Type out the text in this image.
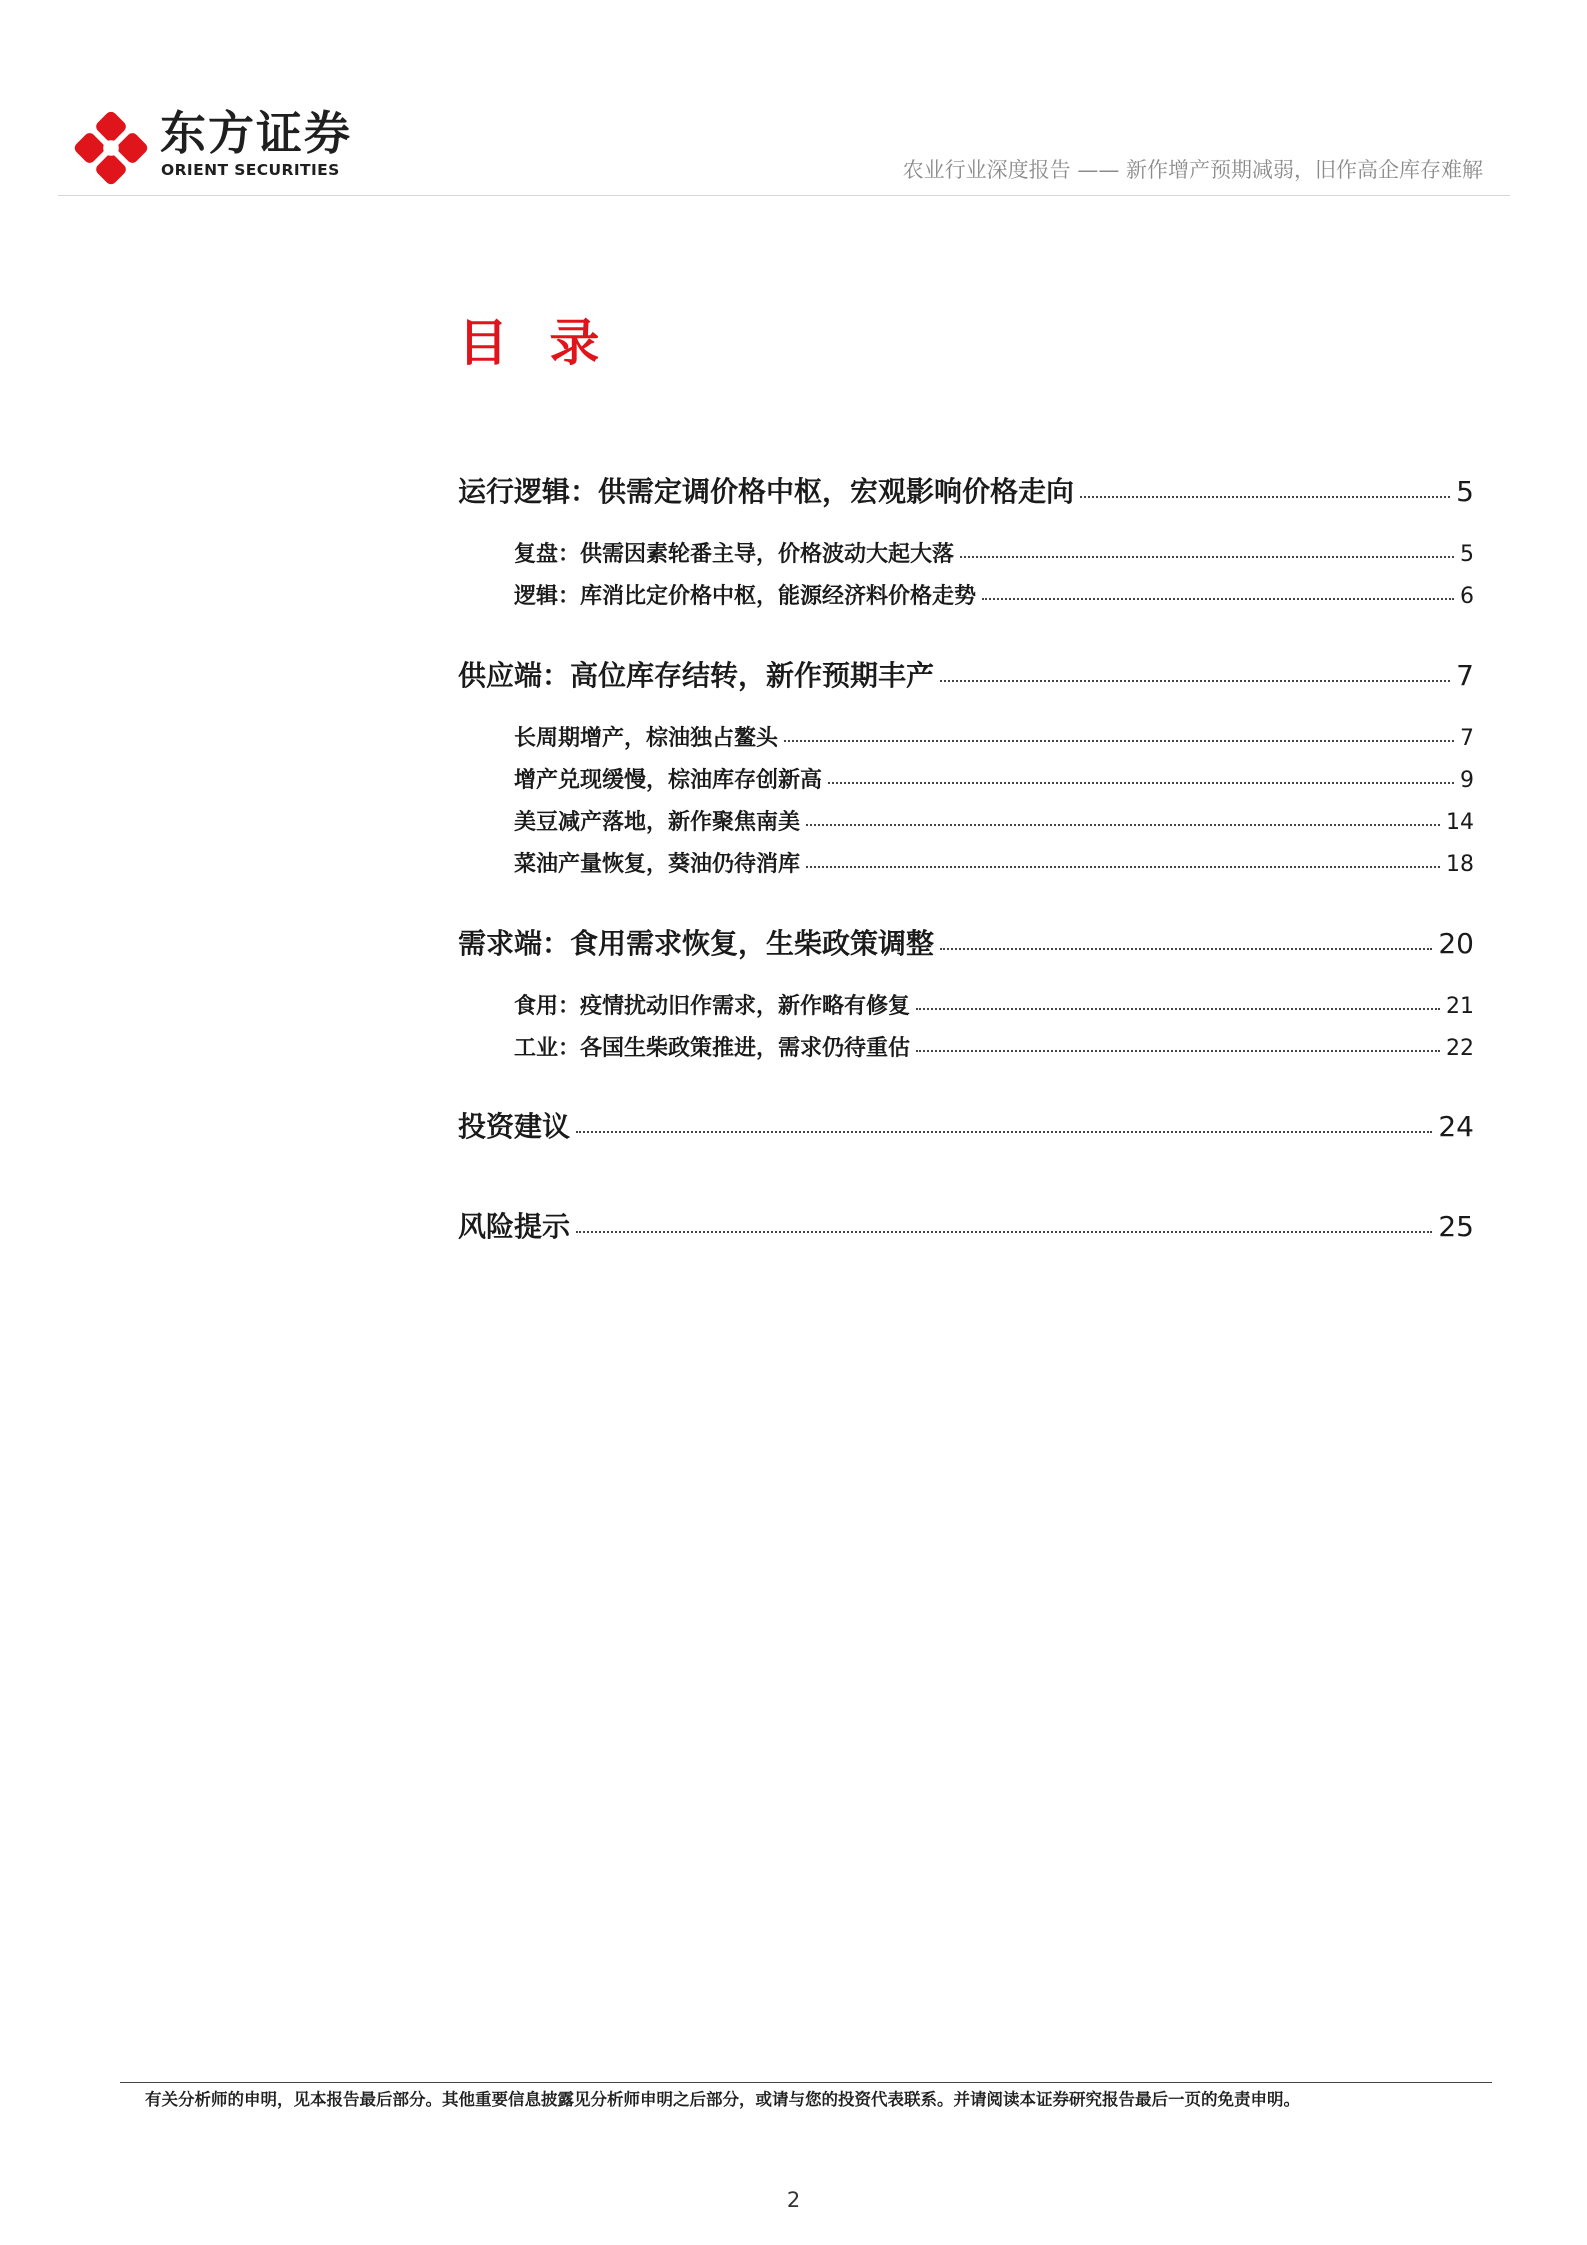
东方证券
ORIENT SECURITIES	农业行业深度报告 —— 新作增产预期减弱，旧作高企库存难解
目 录
运行逻辑：供需定调价格中枢，宏观影响价格走向	5
复盘：供需因素轮番主导，价格波动大起大落	5
逻辑：库消比定价格中枢，能源经济料价格走势	6
供应端：高位库存结转，新作预期丰产	7
长周期增产，棕油独占鳌头	7
增产兑现缓慢，棕油库存创新高	9
美豆减产落地，新作聚焦南美	14
菜油产量恢复，葵油仍待消库	18
需求端：食用需求恢复，生柴政策调整	20
食用：疫情扰动旧作需求，新作略有修复	21
工业：各国生柴政策推进，需求仍待重估	22
投资建议	24
风险提示	25
有关分析师的申明，见本报告最后部分。其他重要信息披露见分析师申明之后部分，或请与您的投资代表联系。并请阅读本证券研究报告最后一页的免责申明。
2
